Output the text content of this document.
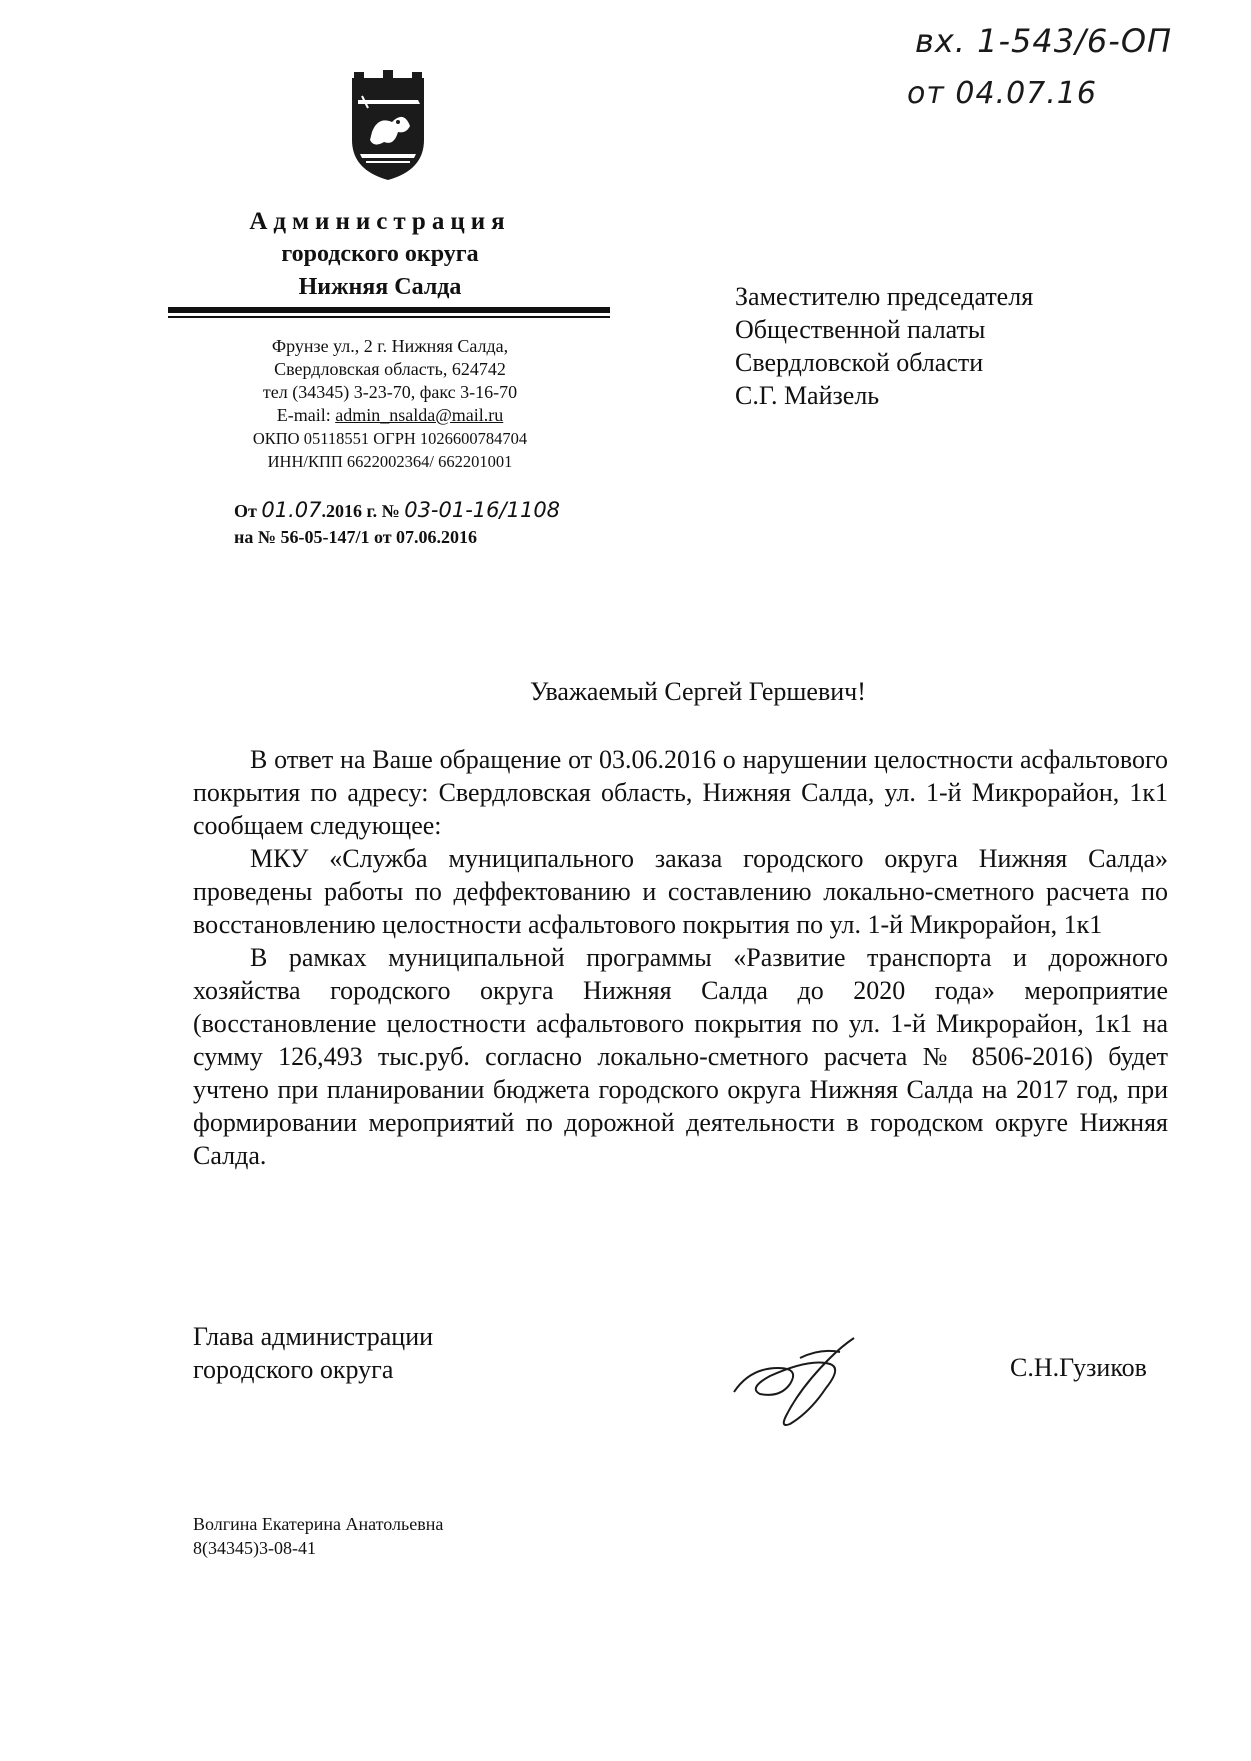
вх. 1-543/6-ОП
от 04.07.16
Администрация
городского округа
Нижняя Салда
Фрунзе ул., 2 г. Нижняя Салда,
Свердловская область, 624742
тел (34345) 3-23-70, факс 3-16-70
E-mail: admin_nsalda@mail.ru
ОКПО 05118551 ОГРН 1026600784704
ИНН/КПП 6622002364/ 662201001
От 01.07.2016 г. № 03-01-16/1108
на № 56-05-147/1 от 07.06.2016
Заместителю председателя
Общественной палаты
Свердловской области
С.Г. Майзель
Уважаемый Сергей Гершевич!

В ответ на Ваше обращение от 03.06.2016 о нарушении целостности асфальтового покрытия по адресу: Свердловская область, Нижняя Салда, ул. 1-й Микрорайон, 1к1 сообщаем следующее:

МКУ «Служба муниципального заказа городского округа Нижняя Салда» проведены работы по деффектованию и составлению локально-сметного расчета по восстановлению целостности асфальтового покрытия по ул. 1-й Микрорайон, 1к1

В рамках муниципальной программы «Развитие транспорта и дорожного хозяйства городского округа Нижняя Салда до 2020 года» мероприятие (восстановление целостности асфальтового покрытия по ул. 1-й Микрорайон, 1к1 на сумму 126,493 тыс.руб. согласно локально-сметного расчета № 8506-2016) будет учтено при планировании бюджета городского округа Нижняя Салда на 2017 год, при формировании мероприятий по дорожной деятельности в городском округе Нижняя Салда.

Глава администрации
городского округа	С.Н.Гузиков
Волгина Екатерина Анатольевна
8(34345)3-08-41
